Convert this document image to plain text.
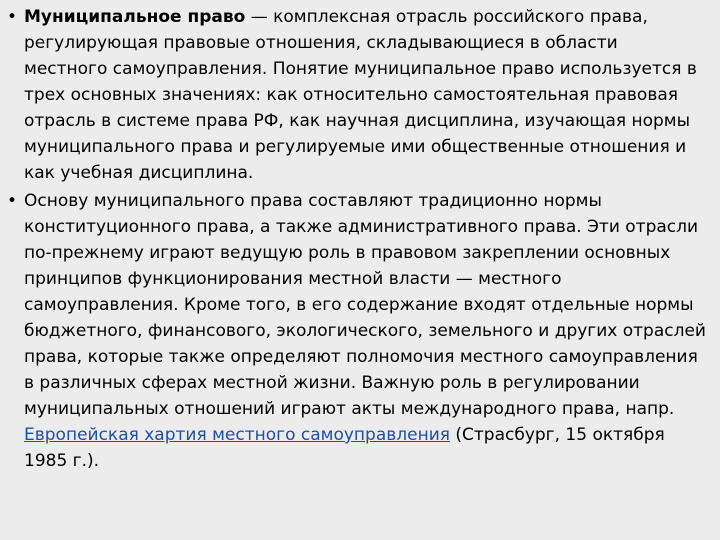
• Муниципальное право — комплексная отрасль российского права, регулирующая правовые отношения, складывающиеся в области местного самоуправления. Понятие муниципальное право используется в трех основных значениях: как относительно самостоятельная правовая отрасль в системе права РФ, как научная дисциплина, изучающая нормы муниципального права и регулируемые ими общественные отношения и как учебная дисциплина.
• Основу муниципального права составляют традиционно нормы конституционного права, а также административного права. Эти отрасли по-прежнему играют ведущую роль в правовом закреплении основных принципов функционирования местной власти — местного самоуправления. Кроме того, в его содержание входят отдельные нормы бюджетного, финансового, экологического, земельного и других отраслей права, которые также определяют полномочия местного самоуправления в различных сферах местной жизни. Важную роль в регулировании муниципальных отношений играют акты международного права, напр.
Европейская хартия местного самоуправления (Страсбург, 15 октября 1985 г.).
